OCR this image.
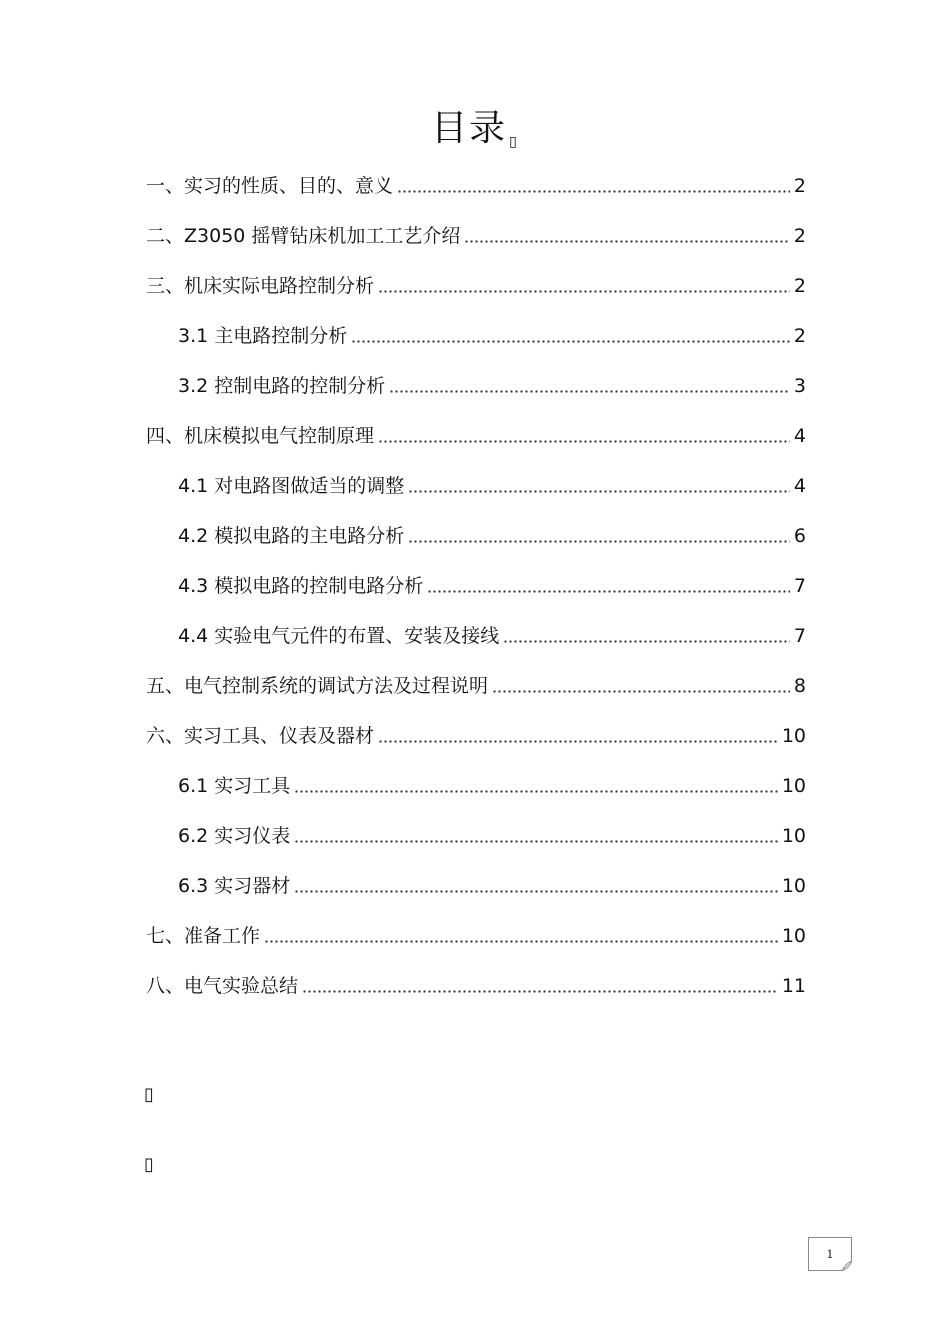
目录 ▯
一、实习的性质、目的、意义	2
二、Z3050 摇臂钻床机加工工艺介绍	2
三、机床实际电路控制分析	2
3.1 主电路控制分析	2
3.2 控制电路的控制分析	3
四、机床模拟电气控制原理	4
4.1 对电路图做适当的调整	4
4.2 模拟电路的主电路分析	6
4.3 模拟电路的控制电路分析	7
4.4 实验电气元件的布置、安装及接线	7
五、电气控制系统的调试方法及过程说明	8
六、实习工具、仪表及器材	10
6.1 实习工具	10
6.2 实习仪表	10
6.3 实习器材	10
七、准备工作	10
八、电气实验总结	11
▯
▯
1
